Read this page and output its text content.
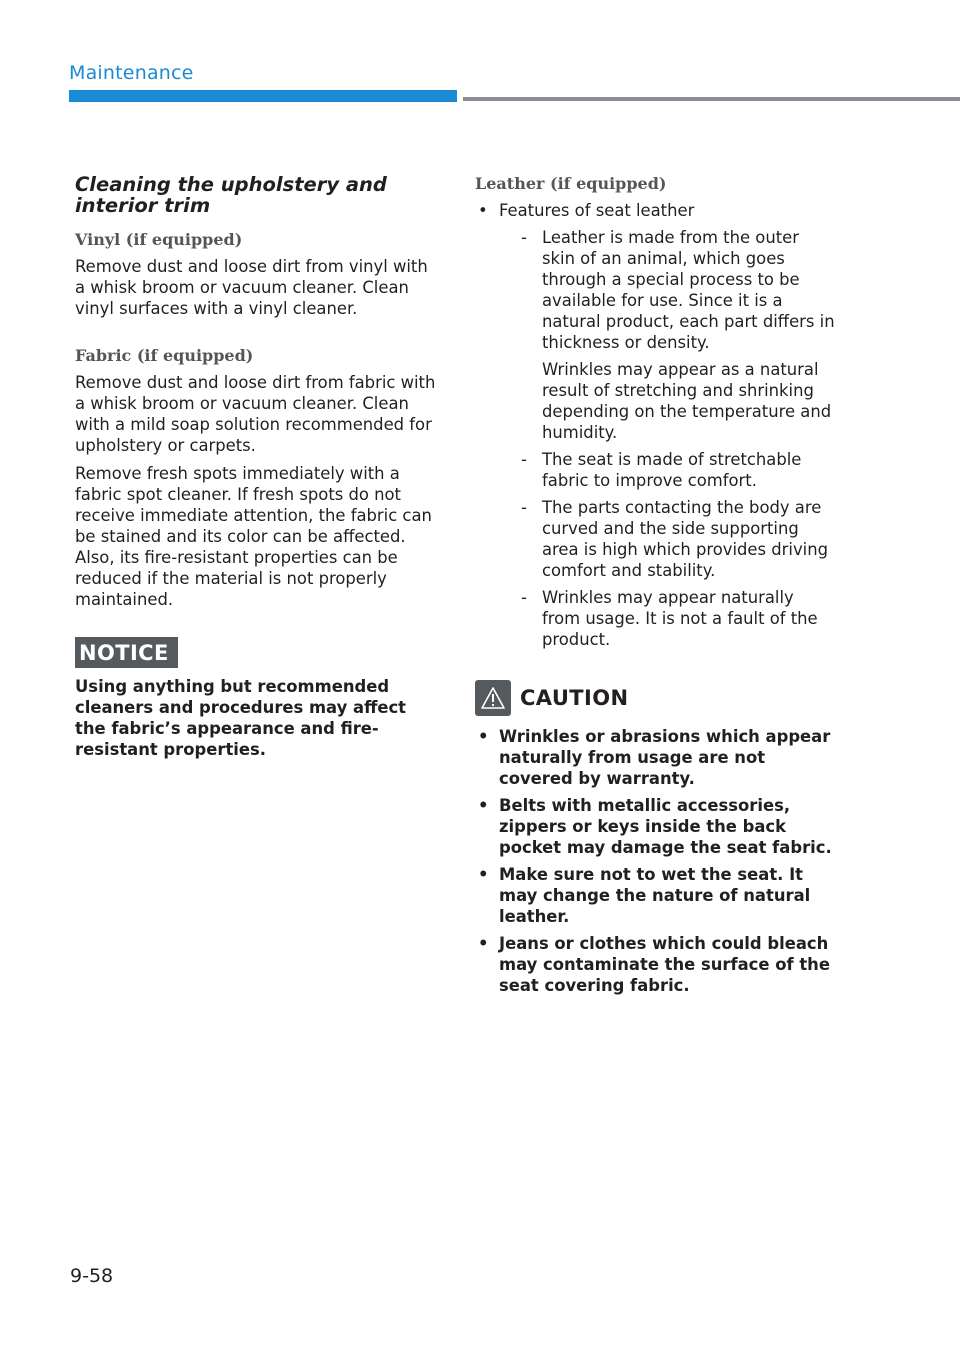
Maintenance
Cleaning the upholstery and interior trim
Vinyl (if equipped)
Remove dust and loose dirt from vinyl with a whisk broom or vacuum cleaner. Clean vinyl surfaces with a vinyl cleaner.
Fabric (if equipped)
Remove dust and loose dirt from fabric with a whisk broom or vacuum cleaner. Clean with a mild soap solution recommended for upholstery or carpets.
Remove fresh spots immediately with a fabric spot cleaner. If fresh spots do not receive immediate attention, the fabric can be stained and its color can be affected. Also, its fire-resistant properties can be reduced if the material is not properly maintained.
NOTICE
Using anything but recommended cleaners and procedures may affect the fabric’s appearance and fire-resistant properties.
Leather (if equipped)
• Features of seat leather
- Leather is made from the outer skin of an animal, which goes through a special process to be available for use. Since it is a natural product, each part differs in thickness or density.
Wrinkles may appear as a natural result of stretching and shrinking depending on the temperature and humidity.
- The seat is made of stretchable fabric to improve comfort.
- The parts contacting the body are curved and the side supporting area is high which provides driving comfort and stability.
- Wrinkles may appear naturally from usage. It is not a fault of the product.
CAUTION
• Wrinkles or abrasions which appear naturally from usage are not covered by warranty.
• Belts with metallic accessories, zippers or keys inside the back pocket may damage the seat fabric.
• Make sure not to wet the seat. It may change the nature of natural leather.
• Jeans or clothes which could bleach may contaminate the surface of the seat covering fabric.
9-58
